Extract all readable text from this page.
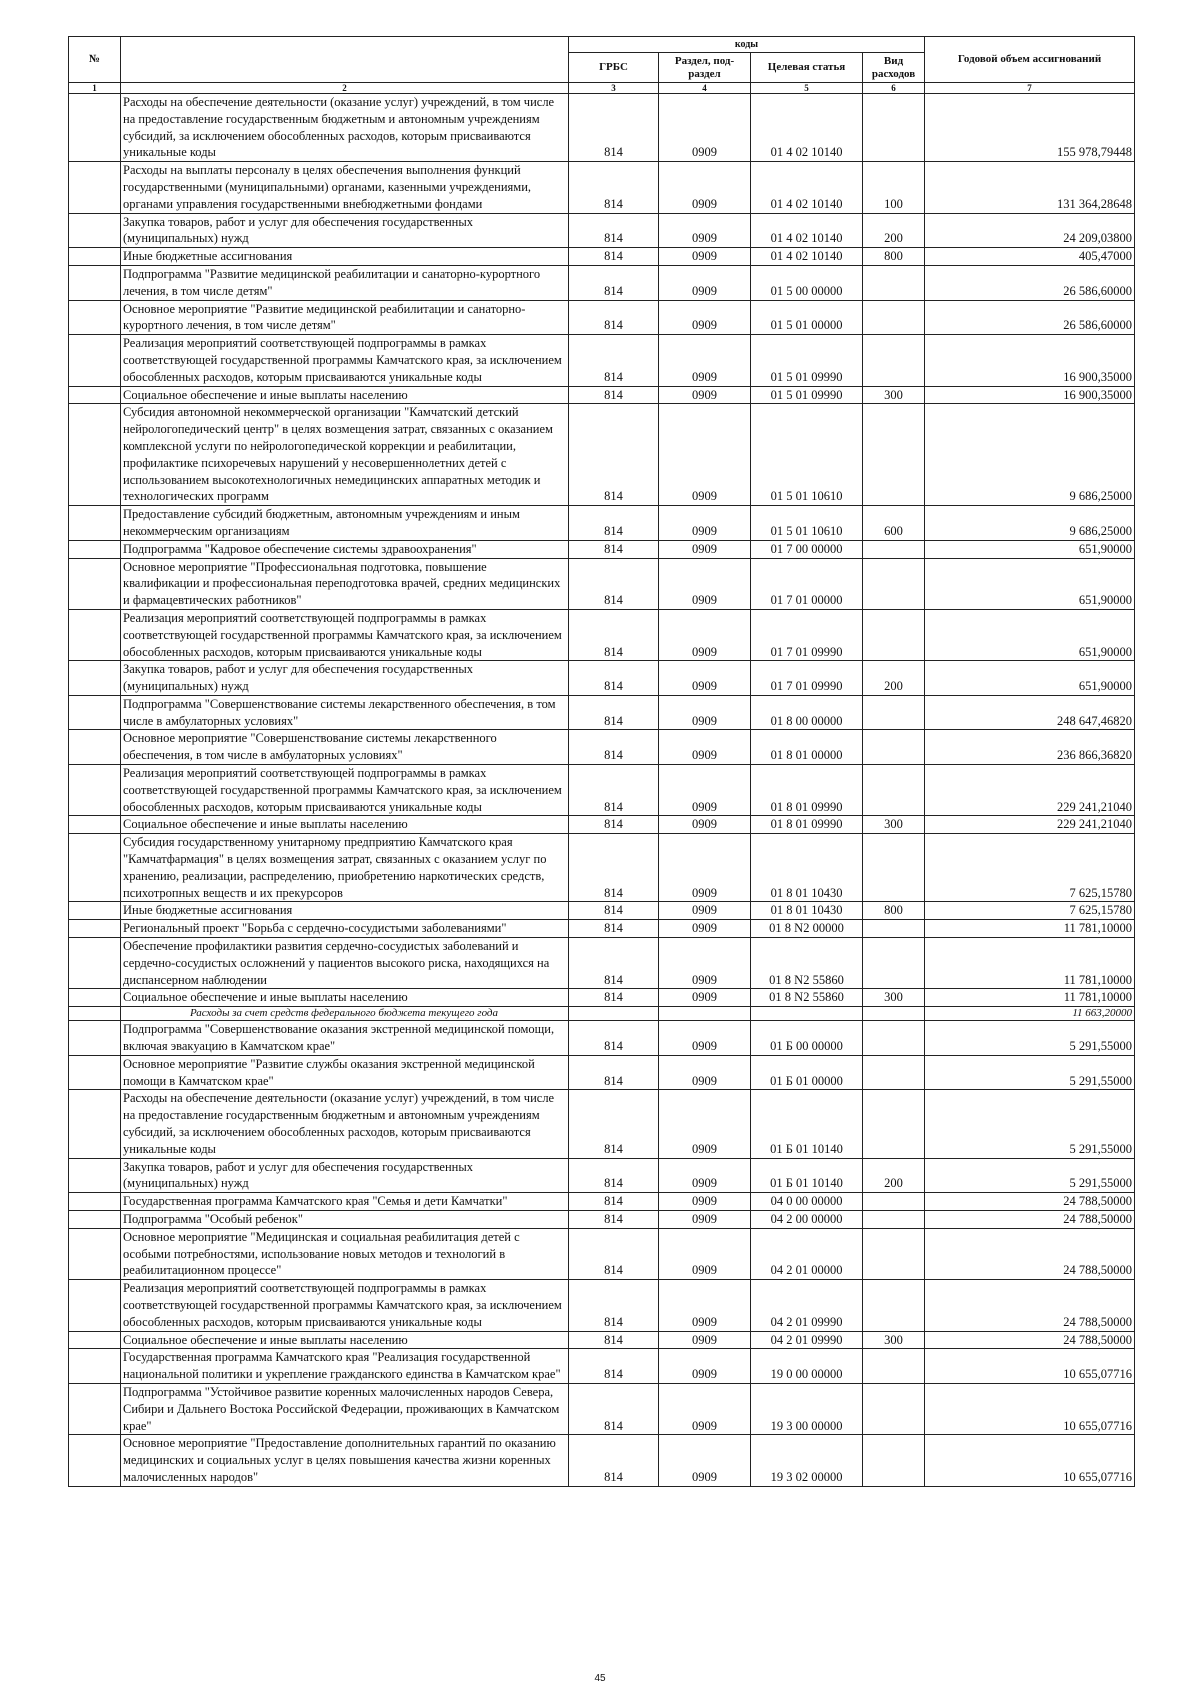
№		коды				Годовой объем ассигнований
		ГРБС	Раздел, под-раздел	Целевая статья	Вид расходов	
1	2	3	4	5	6	7
	Расходы на обеспечение деятельности (оказание услуг) учреждений, в том числе на предоставление государственным бюджетным и автономным учреждениям субсидий, за исключением обособленных расходов, которым присваиваются уникальные коды	814	0909	01 4 02 10140		155 978,79448
	Расходы на выплаты персоналу в целях обеспечения выполнения функций государственными (муниципальными) органами, казенными учреждениями, органами управления государственными внебюджетными фондами	814	0909	01 4 02 10140	100	131 364,28648
	Закупка товаров, работ и услуг для обеспечения государственных (муниципальных) нужд	814	0909	01 4 02 10140	200	24 209,03800
	Иные бюджетные ассигнования	814	0909	01 4 02 10140	800	405,47000
	Подпрограмма "Развитие медицинской реабилитации и санаторно-курортного лечения, в том числе детям"	814	0909	01 5 00 00000		26 586,60000
	Основное мероприятие "Развитие медицинской реабилитации и санаторно-курортного лечения, в том числе детям"	814	0909	01 5 01 00000		26 586,60000
	Реализация мероприятий соответствующей подпрограммы в рамках соответствующей государственной программы Камчатского края, за исключением обособленных расходов, которым присваиваются уникальные коды	814	0909	01 5 01 09990		16 900,35000
	Социальное обеспечение и иные выплаты населению	814	0909	01 5 01 09990	300	16 900,35000
	Субсидия автономной некоммерческой организации "Камчатский детский нейрологопедический центр" в целях возмещения затрат, связанных с оказанием комплексной услуги по нейрологопедической коррекции и реабилитации, профилактике психоречевых нарушений у несовершеннолетних детей с использованием высокотехнологичных немедицинских аппаратных методик и технологических программ	814	0909	01 5 01 10610		9 686,25000
	Предоставление субсидий бюджетным, автономным учреждениям и иным некоммерческим организациям	814	0909	01 5 01 10610	600	9 686,25000
	Подпрограмма "Кадровое обеспечение системы здравоохранения"	814	0909	01 7 00 00000		651,90000
	Основное мероприятие "Профессиональная подготовка, повышение квалификации и профессиональная переподготовка врачей, средних медицинских и фармацевтических работников"	814	0909	01 7 01 00000		651,90000
	Реализация мероприятий соответствующей подпрограммы в рамках соответствующей государственной программы Камчатского края, за исключением обособленных расходов, которым присваиваются уникальные коды	814	0909	01 7 01 09990		651,90000
	Закупка товаров, работ и услуг для обеспечения государственных (муниципальных) нужд	814	0909	01 7 01 09990	200	651,90000
	Подпрограмма "Совершенствование системы лекарственного обеспечения, в том числе в амбулаторных условиях"	814	0909	01 8 00 00000		248 647,46820
	Основное мероприятие "Совершенствование системы лекарственного обеспечения, в том числе в амбулаторных условиях"	814	0909	01 8 01 00000		236 866,36820
	Реализация мероприятий соответствующей подпрограммы в рамках соответствующей государственной программы Камчатского края, за исключением обособленных расходов, которым присваиваются уникальные коды	814	0909	01 8 01 09990		229 241,21040
	Социальное обеспечение и иные выплаты населению	814	0909	01 8 01 09990	300	229 241,21040
	Субсидия государственному унитарному предприятию Камчатского края "Камчатфармация" в целях возмещения затрат, связанных с оказанием услуг по хранению, реализации, распределению, приобретению наркотических средств, психотропных веществ и их прекурсоров	814	0909	01 8 01 10430		7 625,15780
	Иные бюджетные ассигнования	814	0909	01 8 01 10430	800	7 625,15780
	Региональный проект "Борьба с сердечно-сосудистыми заболеваниями"	814	0909	01 8 N2 00000		11 781,10000
	Обеспечение профилактики развития сердечно-сосудистых заболеваний и сердечно-сосудистых осложнений у пациентов высокого риска, находящихся на диспансерном наблюдении	814	0909	01 8 N2 55860		11 781,10000
	Социальное обеспечение и иные выплаты населению	814	0909	01 8 N2 55860	300	11 781,10000
	Расходы за счет средств федерального бюджета текущего года					11 663,20000
	Подпрограмма "Совершенствование оказания экстренной медицинской помощи, включая эвакуацию в Камчатском крае"	814	0909	01 Б 00 00000		5 291,55000
	Основное мероприятие "Развитие службы оказания экстренной медицинской помощи в Камчатском крае"	814	0909	01 Б 01 00000		5 291,55000
	Расходы на обеспечение деятельности (оказание услуг) учреждений, в том числе на предоставление государственным бюджетным и автономным учреждениям субсидий, за исключением обособленных расходов, которым присваиваются уникальные коды	814	0909	01 Б 01 10140		5 291,55000
	Закупка товаров, работ и услуг для обеспечения государственных (муниципальных) нужд	814	0909	01 Б 01 10140	200	5 291,55000
	Государственная программа Камчатского края "Семья и дети Камчатки"	814	0909	04 0 00 00000		24 788,50000
	Подпрограмма "Особый ребенок"	814	0909	04 2 00 00000		24 788,50000
	Основное мероприятие "Медицинская и социальная реабилитация детей с особыми потребностями, использование новых методов и технологий в реабилитационном процессе"	814	0909	04 2 01 00000		24 788,50000
	Реализация мероприятий соответствующей подпрограммы в рамках соответствующей государственной программы Камчатского края, за исключением обособленных расходов, которым присваиваются уникальные коды	814	0909	04 2 01 09990		24 788,50000
	Социальное обеспечение и иные выплаты населению	814	0909	04 2 01 09990	300	24 788,50000
	Государственная программа Камчатского края "Реализация государственной национальной политики и укрепление гражданского единства в Камчатском крае"	814	0909	19 0 00 00000		10 655,07716
	Подпрограмма "Устойчивое развитие коренных малочисленных народов Севера, Сибири и Дальнего Востока Российской Федерации, проживающих в Камчатском крае"	814	0909	19 3 00 00000		10 655,07716
	Основное мероприятие "Предоставление дополнительных гарантий по оказанию медицинских и социальных услуг в целях повышения качества жизни коренных малочисленных народов"	814	0909	19 3 02 00000		10 655,07716
45
